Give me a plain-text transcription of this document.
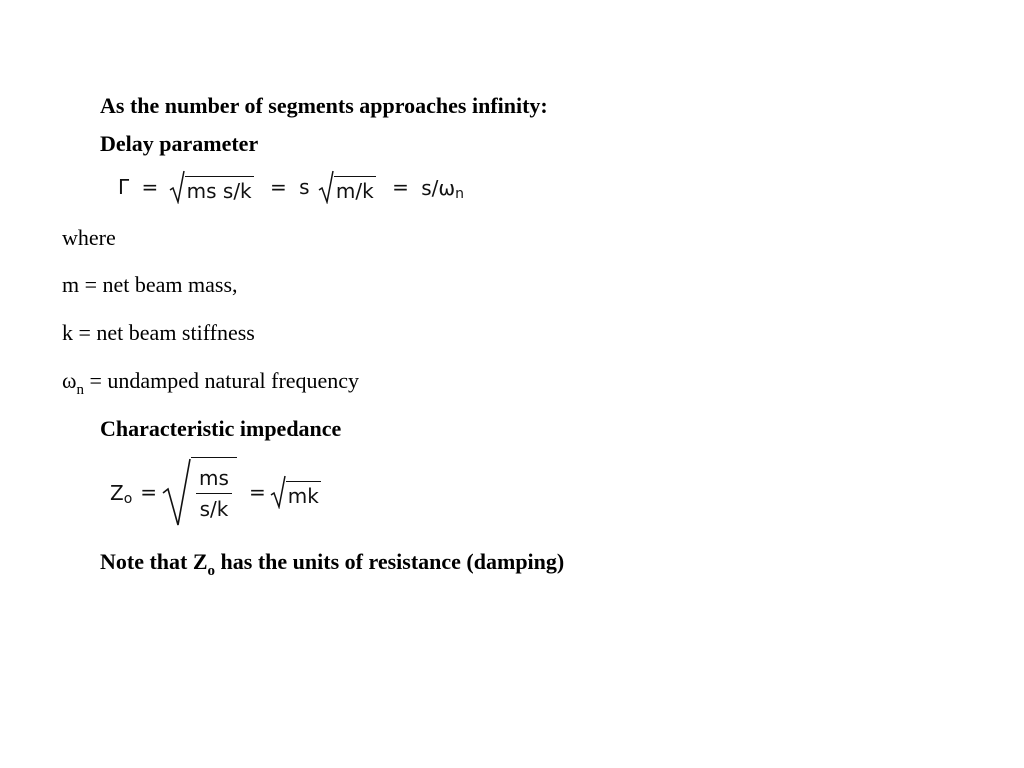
As the number of segments approaches infinity:
Delay parameter
Γ = ms s/k = s m/k = s/ωn
where
m = net beam mass,
k = net beam stiffness
$\omega_n$ = undamped natural frequency
Characteristic impedance
$Zo = \frac{ms}{s/k}$ = mk
Note that $Z_o$ has the units of resistance (damping)
